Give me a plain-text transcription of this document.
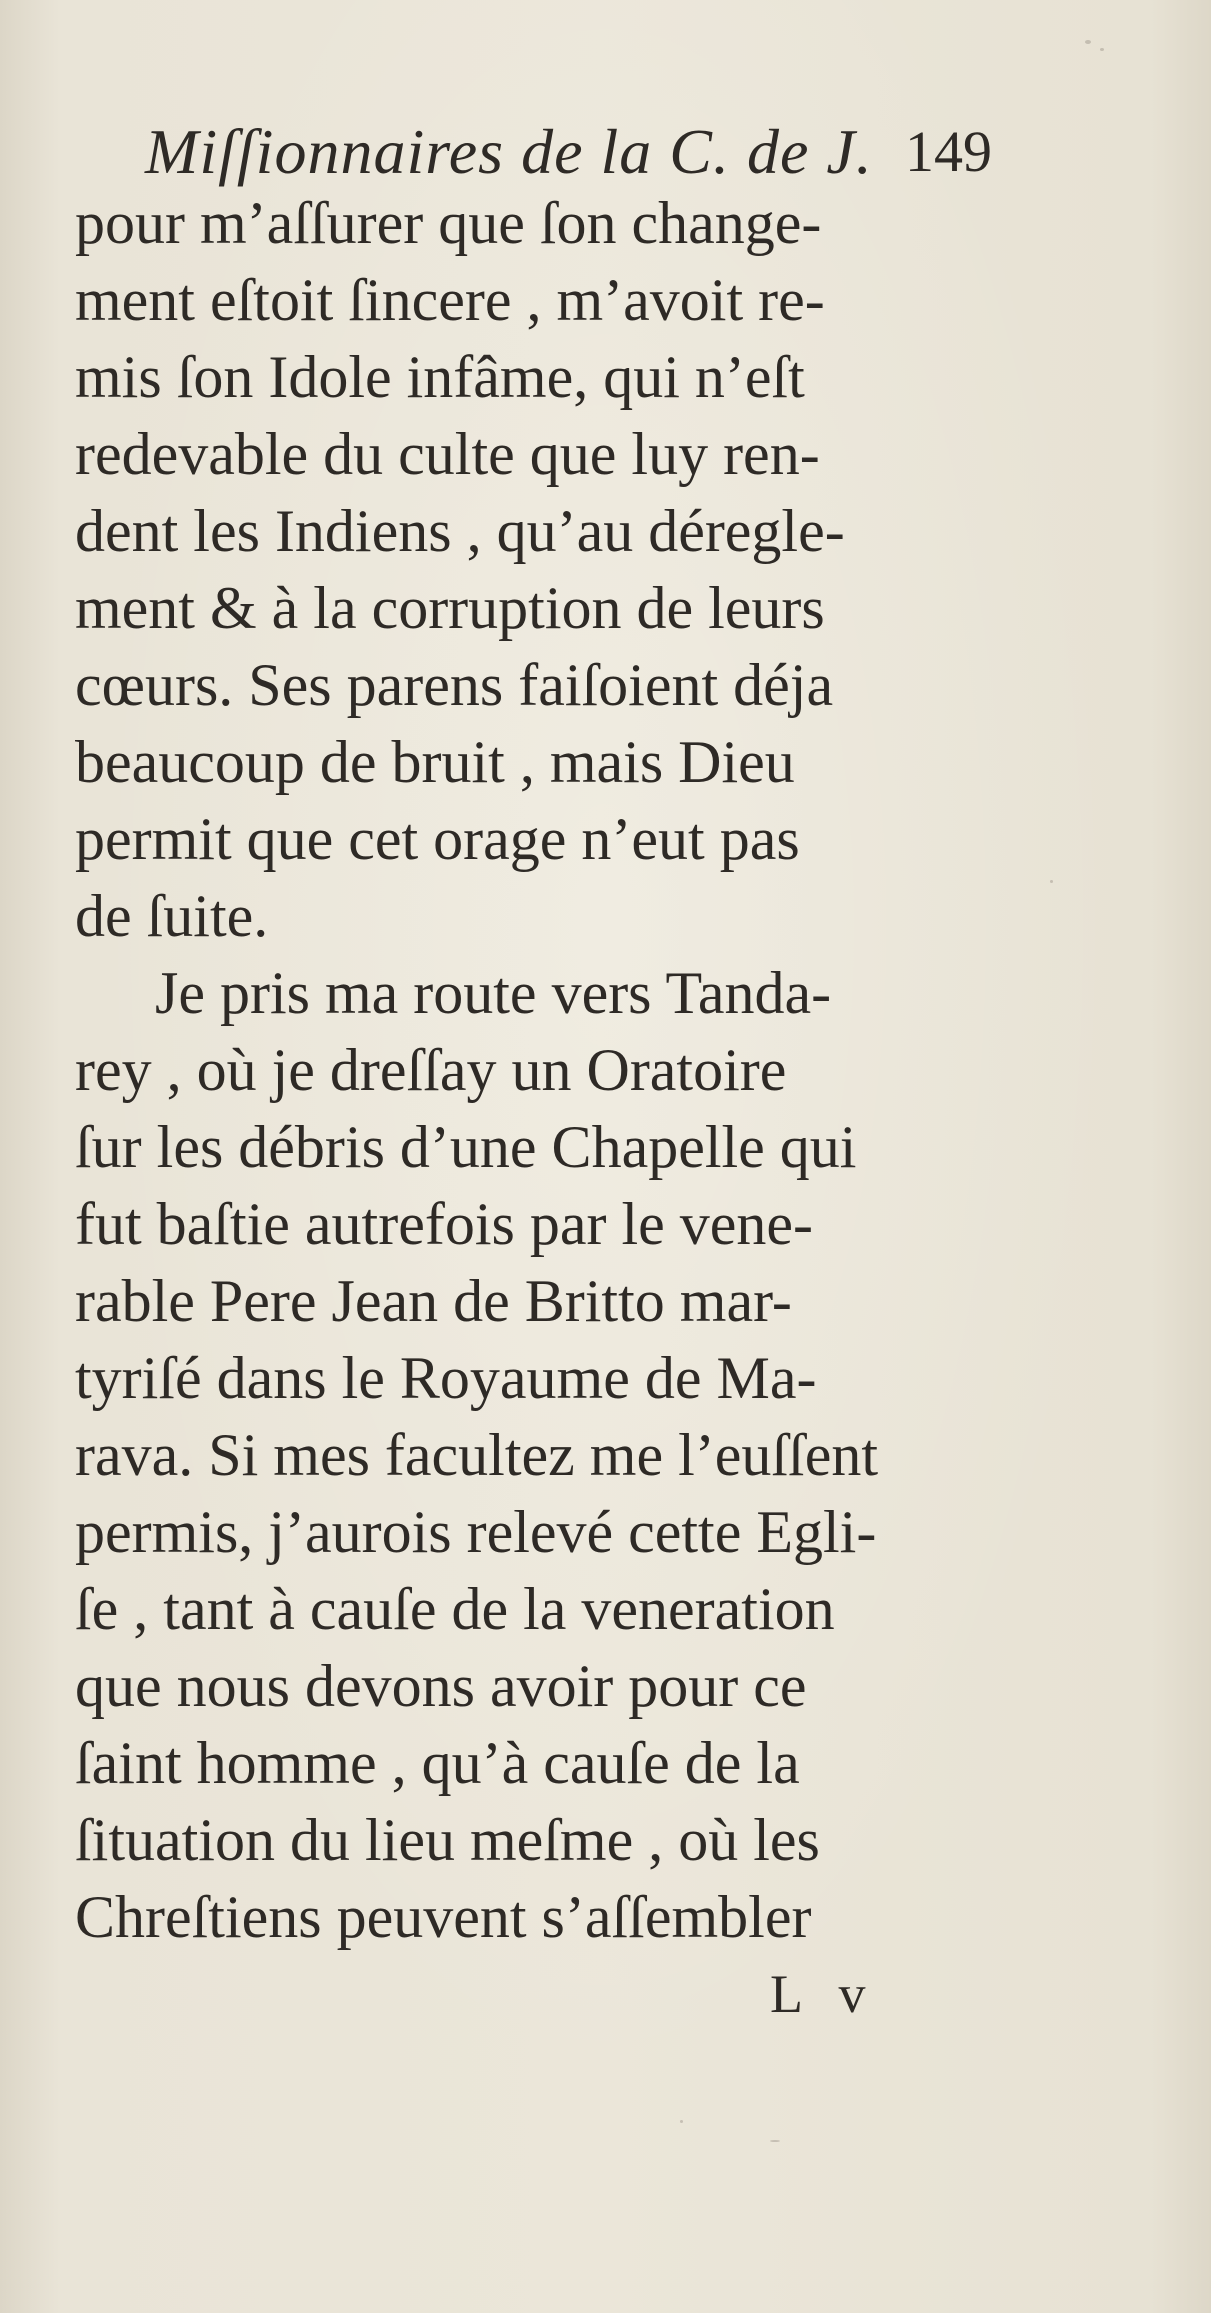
Miſſionnaires de la C. de J. 149
pour m’aſſurer que ſon change-
ment eſtoit ſincere , m’avoit re-
mis ſon Idole infâme, qui n’eſt
redevable du culte que luy ren-
dent les Indiens , qu’au déregle-
ment & à la corruption de leurs
cœurs. Ses parens faiſoient déja
beaucoup de bruit , mais Dieu
permit que cet orage n’eut pas
de ſuite.
Je pris ma route vers Tanda-
rey , où je dreſſay un Oratoire
ſur les débris d’une Chapelle qui
fut baſtie autrefois par le vene-
rable Pere Jean de Britto mar-
tyriſé dans le Royaume de Ma-
rava. Si mes facultez me l’euſſent
permis, j’aurois relevé cette Egli-
ſe , tant à cauſe de la veneration
que nous devons avoir pour ce
ſaint homme , qu’à cauſe de la
ſituation du lieu meſme , où les
Chreſtiens peuvent s’aſſembler
L v
